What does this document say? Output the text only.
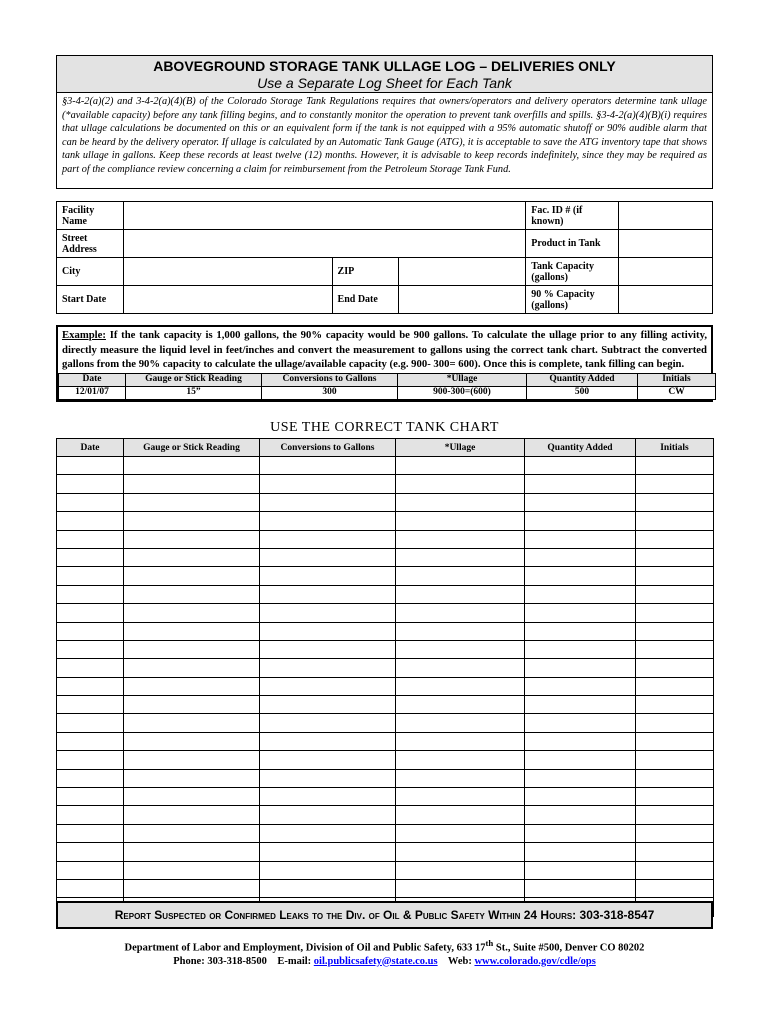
ABOVEGROUND STORAGE TANK ULLAGE LOG – DELIVERIES ONLY
Use a Separate Log Sheet for Each Tank
§3-4-2(a)(2) and 3-4-2(a)(4)(B) of the Colorado Storage Tank Regulations requires that owners/operators and delivery operators determine tank ullage (*available capacity) before any tank filling begins, and to constantly monitor the operation to prevent tank overfills and spills. §3-4-2(a)(4)(B)(i) requires that ullage calculations be documented on this or an equivalent form if the tank is not equipped with a 95% automatic shutoff or 90% audible alarm that can be heard by the delivery operator. If ullage is calculated by an Automatic Tank Gauge (ATG), it is acceptable to save the ATG inventory tape that shows tank ullage in gallons. Keep these records at least twelve (12) months. However, it is advisable to keep records indefinitely, since they may be required as part of the compliance review concerning a claim for reimbursement from the Petroleum Storage Tank Fund.
Facility Name				Fac. ID # (if known)	
Street Address				Product in Tank	
City		ZIP		Tank Capacity (gallons)	
Start Date		End Date		90 % Capacity (gallons)	
Example: If the tank capacity is 1,000 gallons, the 90% capacity would be 900 gallons. To calculate the ullage prior to any filling activity, directly measure the liquid level in feet/inches and convert the measurement to gallons using the correct tank chart. Subtract the converted gallons from the 90% capacity to calculate the ullage/available capacity (e.g. 900- 300= 600). Once this is complete, tank filling can begin.
Date	Gauge or Stick Reading	Conversions to Gallons	*Ullage	Quantity Added	Initials
12/01/07	15”	300	900-300=(600)	500	CW
USE THE CORRECT TANK CHART
Date	Gauge or Stick Reading	Conversions to Gallons	*Ullage	Quantity Added	Initials

Report Suspected or Confirmed Leaks to the Div. of Oil & Public Safety Within 24 Hours: 303-318-8547
Department of Labor and Employment, Division of Oil and Public Safety, 633 17th St., Suite #500, Denver CO 80202
Phone: 303-318-8500 E-mail: oil.publicsafety@state.co.us Web: www.colorado.gov/cdle/ops
